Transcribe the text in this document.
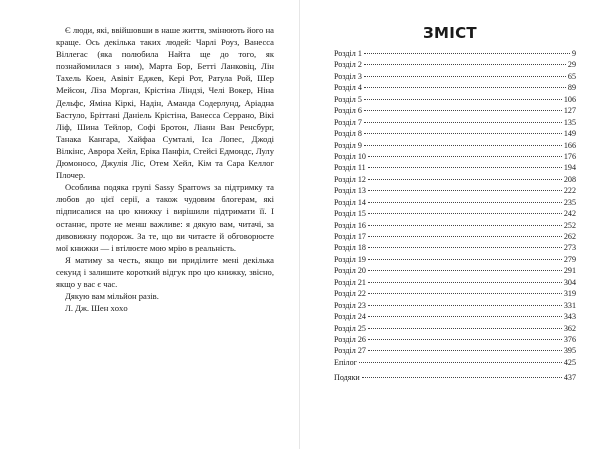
Є люди, які, ввійшовши в наше життя, змінюють його на краще. Ось декілька таких людей: Чарлі Роуз, Ванесса Віллегас (яка полюбила Найта ще до того, як познайомилася з ним), Марта Бор, Бетті Ланковіц, Лін Тахель Коен, Авівіт Еджев, Кері Рот, Ратула Рой, Шер Мейсон, Ліза Морган, Крістіна Ліндзі, Челі Вокер, Ніна Дельфс, Яміна Кіркі, Надін, Аманда Содерлунд, Аріадна Бастуло, Бріттані Даніель Крістіна, Ванесса Серрано, Вікі Ліф, Шина Тейлор, Софі Бротон, Ліанн Ван Ренсбург, Танака Кангара, Хайфаа Сумталі, Іса Лопес, Джоді Вілкінс, Аврора Хейл, Еріка Панфіл, Стейсі Едмондс, Лулу Дюмоносо, Джулія Ліс, Отем Хейл, Кім та Сара Келлог Плочер.

Особлива подяка групі Sassy Sparrows за підтримку та любов до цієї серії, а також чудовим блогерам, які підписалися на цю книжку і вирішили підтримати її. І останнє, проте не менш важливе: я дякую вам, читачі, за дивовижну подорож. За те, що ви читаєте й обговорюєте мої книжки — і втілюєте мою мрію в реальність.

Я матиму за честь, якщо ви приділите мені декілька секунд і залишите короткий відгук про цю книжку, звісно, якщо у вас є час.

Дякую вам мільйон разів.

Л. Дж. Шен xoxo

ЗМІСТ
Розділ 1	9
Розділ 2	29
Розділ 3	65
Розділ 4	89
Розділ 5	106
Розділ 6	127
Розділ 7	135
Розділ 8	149
Розділ 9	166
Розділ 10	176
Розділ 11	194
Розділ 12	208
Розділ 13	222
Розділ 14	235
Розділ 15	242
Розділ 16	252
Розділ 17	262
Розділ 18	273
Розділ 19	279
Розділ 20	291
Розділ 21	304
Розділ 22	319
Розділ 23	331
Розділ 24	343
Розділ 25	362
Розділ 26	376
Розділ 27	395
Епілог	425
Подяки	437
